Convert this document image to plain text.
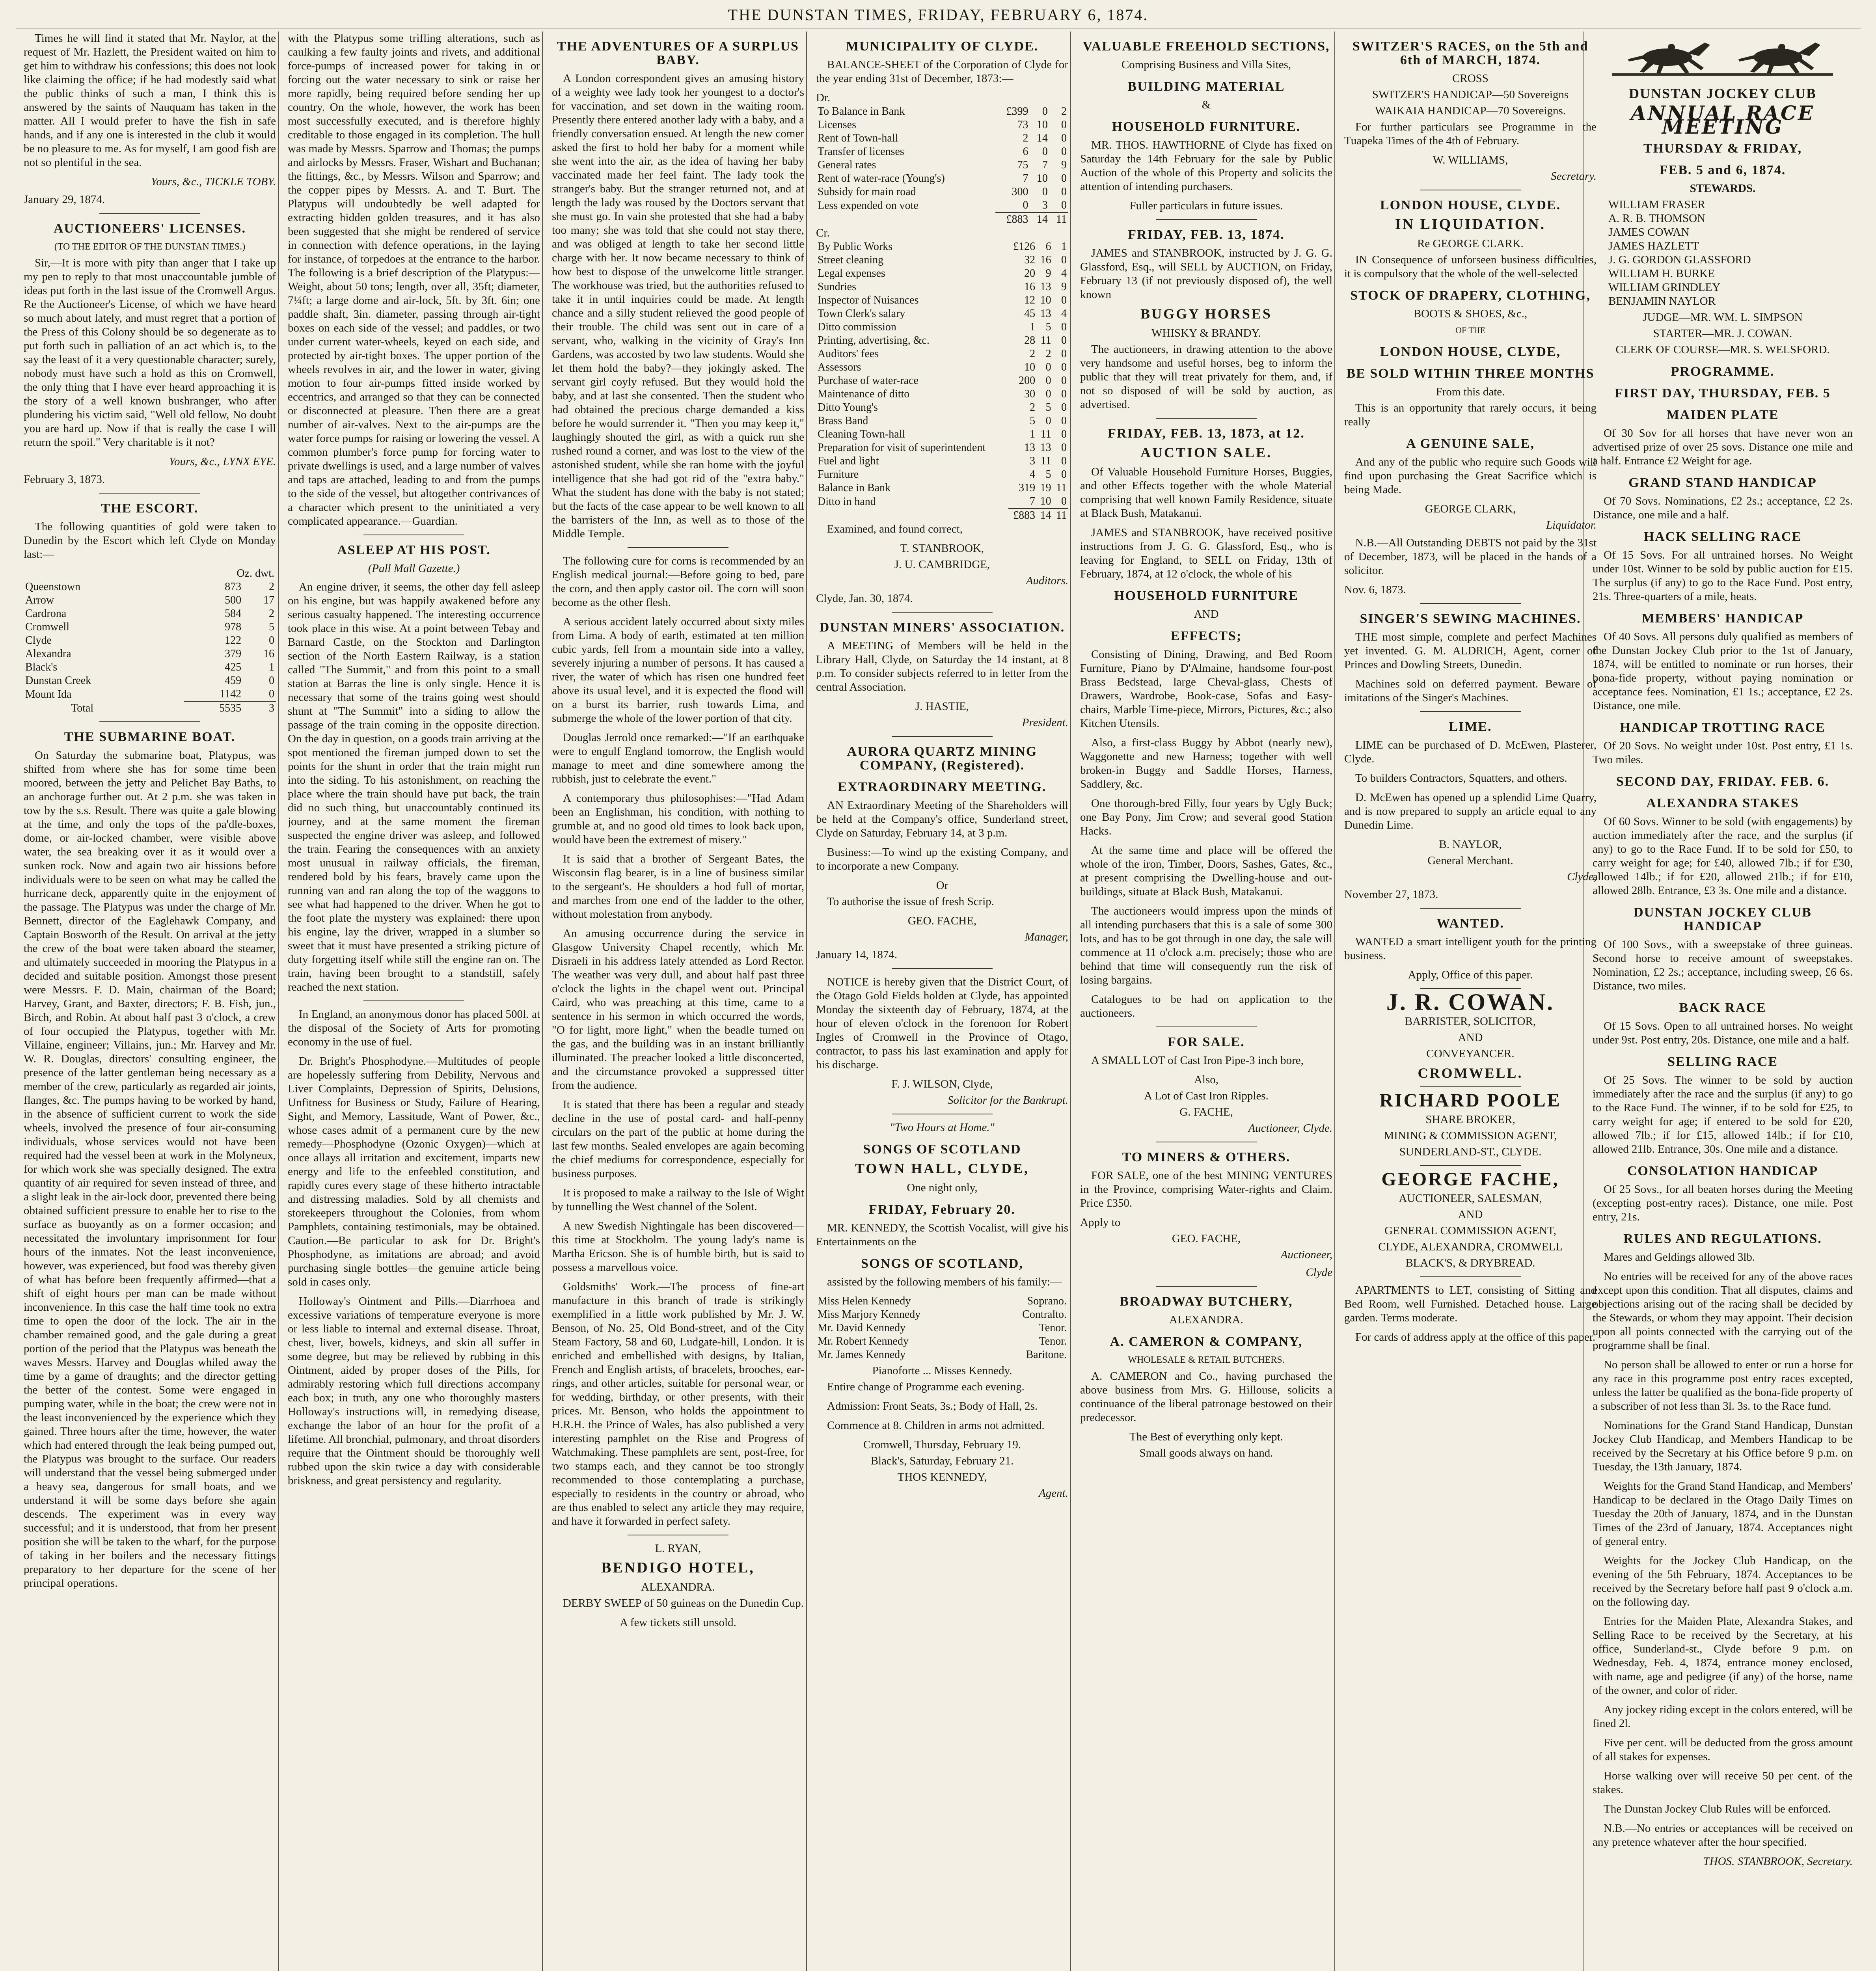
THE DUNSTAN TIMES, FRIDAY, FEBRUARY 6, 1874.

Times he will find it stated that Mr. Naylor, at the request of Mr. Hazlett, the President waited on him to get him to withdraw his confessions; this does not look like claiming the office; if he had modestly said what the public thinks of such a man, I think this is answered by the saints of Nauquam has taken in the matter. All I would prefer to have the fish in safe hands, and if any one is interested in the club it would be no pleasure to me. As for myself, I am good fish are not so plentiful in the sea.

Yours, &c., TICKLE TOBY.
January 29, 1874.
AUCTIONEERS' LICENSES.
(TO THE EDITOR OF THE DUNSTAN TIMES.)

Sir,—It is more with pity than anger that I take up my pen to reply to that most unaccountable jumble of ideas put forth in the last issue of the Cromwell Argus. Re the Auctioneer's License, of which we have heard so much about lately, and must regret that a portion of the Press of this Colony should be so degenerate as to put forth such in palliation of an act which is, to the say the least of it a very questionable character; surely, nobody must have such a hold as this on Cromwell, the only thing that I have ever heard approaching it is the story of a well known bushranger, who after plundering his victim said, "Well old fellow, No doubt you are hard up. Now if that is really the case I will return the spoil." Very charitable is it not?

Yours, &c., LYNX EYE.
February 3, 1873.
THE ESCORT.

The following quantities of gold were taken to Dunedin by the Escort which left Clyde on Monday last:—

	Oz. dwt.	
Queenstown	873	2
Arrow	500	17
Cardrona	584	2
Cromwell	978	5
Clyde	122	0
Alexandra	379	16
Black's	425	1
Dunstan Creek	459	0
Mount Ida	1142	0
Total	5535	3
THE SUBMARINE BOAT.

On Saturday the submarine boat, Platypus, was shifted from where she has for some time been moored, between the jetty and Pelichet Bay Baths, to an anchorage further out. At 2 p.m. she was taken in tow by the s.s. Result. There was quite a gale blowing at the time, and only the tops of the pa'dle-boxes, dome, or air-locked chamber, were visible above water, the sea breaking over it as it would over a sunken rock. Now and again two air hissions before individuals were to be seen on what may be called the hurricane deck, apparently quite in the enjoyment of the passage. The Platypus was under the charge of Mr. Bennett, director of the Eaglehawk Company, and Captain Bosworth of the Result. On arrival at the jetty the crew of the boat were taken aboard the steamer, and ultimately succeeded in mooring the Platypus in a decided and suitable position. Amongst those present were Messrs. F. D. Main, chairman of the Board; Harvey, Grant, and Baxter, directors; F. B. Fish, jun., Birch, and Robin. At about half past 3 o'clock, a crew of four occupied the Platypus, together with Mr. Villaine, engineer; Villains, jun.; Mr. Harvey and Mr. W. R. Douglas, directors' consulting engineer, the presence of the latter gentleman being necessary as a member of the crew, particularly as regarded air joints, flanges, &c. The pumps having to be worked by hand, in the absence of sufficient current to work the side wheels, involved the presence of four air-consuming individuals, whose services would not have been required had the vessel been at work in the Molyneux, for which work she was specially designed. The extra quantity of air required for seven instead of three, and a slight leak in the air-lock door, prevented there being obtained sufficient pressure to enable her to rise to the surface as buoyantly as on a former occasion; and necessitated the involuntary imprisonment for four hours of the inmates. Not the least inconvenience, however, was experienced, but food was thereby given of what has before been frequently affirmed—that a shift of eight hours per man can be made without inconvenience. In this case the half time took no extra time to open the door of the lock. The air in the chamber remained good, and the gale during a great portion of the period that the Platypus was beneath the waves Messrs. Harvey and Douglas whiled away the time by a game of draughts; and the director getting the better of the contest. Some were engaged in pumping water, while in the boat; the crew were not in the least inconvenienced by the experience which they gained. Three hours after the time, however, the water which had entered through the leak being pumped out, the Platypus was brought to the surface. Our readers will understand that the vessel being submerged under a heavy sea, dangerous for small boats, and we understand it will be some days before she again descends. The experiment was in every way successful; and it is understood, that from her present position she will be taken to the wharf, for the purpose of taking in her boilers and the necessary fittings preparatory to her departure for the scene of her principal operations.

with the Platypus some trifling alterations, such as caulking a few faulty joints and rivets, and additional force-pumps of increased power for taking in or forcing out the water necessary to sink or raise her more rapidly, being required before sending her up country. On the whole, however, the work has been most successfully executed, and is therefore highly creditable to those engaged in its completion. The hull was made by Messrs. Sparrow and Thomas; the pumps and airlocks by Messrs. Fraser, Wishart and Buchanan; the fittings, &c., by Messrs. Wilson and Sparrow; and the copper pipes by Messrs. A. and T. Burt. The Platypus will undoubtedly be well adapted for extracting hidden golden treasures, and it has also been suggested that she might be rendered of service in connection with defence operations, in the laying for instance, of torpedoes at the entrance to the harbor. The following is a brief description of the Platypus:—Weight, about 50 tons; length, over all, 35ft; diameter, 7¼ft; a large dome and air-lock, 5ft. by 3ft. 6in; one paddle shaft, 3in. diameter, passing through air-tight boxes on each side of the vessel; and paddles, or two under current water-wheels, keyed on each side, and protected by air-tight boxes. The upper portion of the wheels revolves in air, and the lower in water, giving motion to four air-pumps fitted inside worked by eccentrics, and arranged so that they can be connected or disconnected at pleasure. Then there are a great number of air-valves. Next to the air-pumps are the water force pumps for raising or lowering the vessel. A common plumber's force pump for forcing water to private dwellings is used, and a large number of valves and taps are attached, leading to and from the pumps to the side of the vessel, but altogether contrivances of a character which present to the uninitiated a very complicated appearance.—Guardian.

ASLEEP AT HIS POST.
(Pall Mall Gazette.)

An engine driver, it seems, the other day fell asleep on his engine, but was happily awakened before any serious casualty happened. The interesting occurrence took place in this wise. At a point between Tebay and Barnard Castle, on the Stockton and Darlington section of the North Eastern Railway, is a station called "The Summit," and from this point to a small station at Barras the line is only single. Hence it is necessary that some of the trains going west should shunt at "The Summit" into a siding to allow the passage of the train coming in the opposite direction. On the day in question, on a goods train arriving at the spot mentioned the fireman jumped down to set the points for the shunt in order that the train might run into the siding. To his astonishment, on reaching the place where the train should have put back, the train did no such thing, but unaccountably continued its journey, and at the same moment the fireman suspected the engine driver was asleep, and followed the train. Fearing the consequences with an anxiety most unusual in railway officials, the fireman, rendered bold by his fears, bravely came upon the running van and ran along the top of the waggons to see what had happened to the driver. When he got to the foot plate the mystery was explained: there upon his engine, lay the driver, wrapped in a slumber so sweet that it must have presented a striking picture of duty forgetting itself while still the engine ran on. The train, having been brought to a standstill, safely reached the next station.

In England, an anonymous donor has placed 500l. at the disposal of the Society of Arts for promoting economy in the use of fuel.

Dr. Bright's Phosphodyne.—Multitudes of people are hopelessly suffering from Debility, Nervous and Liver Complaints, Depression of Spirits, Delusions, Unfitness for Business or Study, Failure of Hearing, Sight, and Memory, Lassitude, Want of Power, &c., whose cases admit of a permanent cure by the new remedy—Phosphodyne (Ozonic Oxygen)—which at once allays all irritation and excitement, imparts new energy and life to the enfeebled constitution, and rapidly cures every stage of these hitherto intractable and distressing maladies. Sold by all chemists and storekeepers throughout the Colonies, from whom Pamphlets, containing testimonials, may be obtained. Caution.—Be particular to ask for Dr. Bright's Phosphodyne, as imitations are abroad; and avoid purchasing single bottles—the genuine article being sold in cases only.

Holloway's Ointment and Pills.—Diarrhoea and excessive variations of temperature everyone is more or less liable to internal and external disease. Throat, chest, liver, bowels, kidneys, and skin all suffer in some degree, but may be relieved by rubbing in this Ointment, aided by proper doses of the Pills, for admirably restoring which full directions accompany each box; in truth, any one who thoroughly masters Holloway's instructions will, in remedying disease, exchange the labor of an hour for the profit of a lifetime. All bronchial, pulmonary, and throat disorders require that the Ointment should be thoroughly well rubbed upon the skin twice a day with considerable briskness, and great persistency and regularity.

THE ADVENTURES OF A SURPLUS BABY.

A London correspondent gives an amusing history of a weighty wee lady took her youngest to a doctor's for vaccination, and set down in the waiting room. Presently there entered another lady with a baby, and a friendly conversation ensued. At length the new comer asked the first to hold her baby for a moment while she went into the air, as the idea of having her baby vaccinated made her feel faint. The lady took the stranger's baby. But the stranger returned not, and at length the lady was roused by the Doctors servant that she must go. In vain she protested that she had a baby too many; she was told that she could not stay there, and was obliged at length to take her second little charge with her. It now became necessary to think of how best to dispose of the unwelcome little stranger. The workhouse was tried, but the authorities refused to take it in until inquiries could be made. At length chance and a silly student relieved the good people of their trouble. The child was sent out in care of a servant, who, walking in the vicinity of Gray's Inn Gardens, was accosted by two law students. Would she let them hold the baby?—they jokingly asked. The servant girl coyly refused. But they would hold the baby, and at last she consented. Then the student who had obtained the precious charge demanded a kiss before he would surrender it. "Then you may keep it," laughingly shouted the girl, as with a quick run she rushed round a corner, and was lost to the view of the astonished student, while she ran home with the joyful intelligence that she had got rid of the "extra baby." What the student has done with the baby is not stated; but the facts of the case appear to be well known to all the barristers of the Inn, as well as to those of the Middle Temple.

The following cure for corns is recommended by an English medical journal:—Before going to bed, pare the corn, and then apply castor oil. The corn will soon become as the other flesh.

A serious accident lately occurred about sixty miles from Lima. A body of earth, estimated at ten million cubic yards, fell from a mountain side into a valley, severely injuring a number of persons. It has caused a river, the water of which has risen one hundred feet above its usual level, and it is expected the flood will on a burst its barrier, rush towards Lima, and submerge the whole of the lower portion of that city.

Douglas Jerrold once remarked:—"If an earthquake were to engulf England tomorrow, the English would manage to meet and dine somewhere among the rubbish, just to celebrate the event."

A contemporary thus philosophises:—"Had Adam been an Englishman, his condition, with nothing to grumble at, and no good old times to look back upon, would have been the extremest of misery."

It is said that a brother of Sergeant Bates, the Wisconsin flag bearer, is in a line of business similar to the sergeant's. He shoulders a hod full of mortar, and marches from one end of the ladder to the other, without molestation from anybody.

An amusing occurrence during the service in Glasgow University Chapel recently, which Mr. Disraeli in his address lately attended as Lord Rector. The weather was very dull, and about half past three o'clock the lights in the chapel went out. Principal Caird, who was preaching at this time, came to a sentence in his sermon in which occurred the words, "O for light, more light," when the beadle turned on the gas, and the building was in an instant brilliantly illuminated. The preacher looked a little disconcerted, and the circumstance provoked a suppressed titter from the audience.

It is stated that there has been a regular and steady decline in the use of postal card- and half-penny circulars on the part of the public at home during the last few months. Sealed envelopes are again becoming the chief mediums for correspondence, especially for business purposes.

It is proposed to make a railway to the Isle of Wight by tunnelling the West channel of the Solent.

A new Swedish Nightingale has been discovered—this time at Stockholm. The young lady's name is Martha Ericson. She is of humble birth, but is said to possess a marvellous voice.

Goldsmiths' Work.—The process of fine-art manufacture in this branch of trade is strikingly exemplified in a little work published by Mr. J. W. Benson, of No. 25, Old Bond-street, and of the City Steam Factory, 58 and 60, Ludgate-hill, London. It is enriched and embellished with designs, by Italian, French and English artists, of bracelets, brooches, ear-rings, and other articles, suitable for personal wear, or for wedding, birthday, or other presents, with their prices. Mr. Benson, who holds the appointment to H.R.H. the Prince of Wales, has also published a very interesting pamphlet on the Rise and Progress of Watchmaking. These pamphlets are sent, post-free, for two stamps each, and they cannot be too strongly recommended to those contemplating a purchase, especially to residents in the country or abroad, who are thus enabled to select any article they may require, and have it forwarded in perfect safety.

L. RYAN,
BENDIGO HOTEL,
ALEXANDRA.

DERBY SWEEP of 50 guineas on the Dunedin Cup.

A few tickets still unsold.
MUNICIPALITY OF CLYDE.

BALANCE-SHEET of the Corporation of Clyde for the year ending 31st of December, 1873:—

Dr.
To Balance in Bank	£399	0	2
Licenses	73	10	0
Rent of Town-hall	2	14	0
Transfer of licenses	6	0	0
General rates	75	7	9
Rent of water-race (Young's)	7	10	0
Subsidy for main road	300	0	0
Less expended on vote	0	3	0
	£883	14	11
Cr.
By Public Works	£126	6	1
Street cleaning	32	16	0
Legal expenses	20	9	4
Sundries	16	13	9
Inspector of Nuisances	12	10	0
Town Clerk's salary	45	13	4
Ditto commission	1	5	0
Printing, advertising, &c.	28	11	0
Auditors' fees	2	2	0
Assessors	10	0	0
Purchase of water-race	200	0	0
Maintenance of ditto	30	0	0
Ditto Young's	2	5	0
Brass Band	5	0	0
Cleaning Town-hall	1	11	0
Preparation for visit of superintendent	13	13	0
Fuel and light	3	11	0
Furniture	4	5	0
Balance in Bank	319	19	11
Ditto in hand	7	10	0
	£883	14	11

Examined, and found correct,

T. STANBROOK,
J. U. CAMBRIDGE,
Auditors.
Clyde, Jan. 30, 1874.
DUNSTAN MINERS' ASSOCIATION.

A MEETING of Members will be held in the Library Hall, Clyde, on Saturday the 14 instant, at 8 p.m. To consider subjects referred to in letter from the central Association.

J. HASTIE,
President.
AURORA QUARTZ MINING COMPANY, (Registered).
EXTRAORDINARY MEETING.

AN Extraordinary Meeting of the Shareholders will be held at the Company's office, Sunderland street, Clyde on Saturday, February 14, at 3 p.m.

Business:—To wind up the existing Company, and to incorporate a new Company.

Or

To authorise the issue of fresh Scrip.

GEO. FACHE,
Manager,
January 14, 1874.

NOTICE is hereby given that the District Court, of the Otago Gold Fields holden at Clyde, has appointed Monday the sixteenth day of February, 1874, at the hour of eleven o'clock in the forenoon for Robert Ingles of Cromwell in the Province of Otago, contractor, to pass his last examination and apply for his discharge.

F. J. WILSON, Clyde,
Solicitor for the Bankrupt.
"Two Hours at Home."
SONGS OF SCOTLAND
TOWN HALL, CLYDE,
One night only,
FRIDAY, February 20.

MR. KENNEDY, the Scottish Vocalist, will give his Entertainments on the

SONGS OF SCOTLAND,

assisted by the following members of his family:—

Miss Helen Kennedy	Soprano.
Miss Marjory Kennedy	Contralto.
Mr. David Kennedy	Tenor.
Mr. Robert Kennedy	Tenor.
Mr. James Kennedy	Baritone.
Pianoforte ... Misses Kennedy.

Entire change of Programme each evening.

Admission: Front Seats, 3s.; Body of Hall, 2s.

Commence at 8. Children in arms not admitted.

Cromwell, Thursday, February 19.
Black's, Saturday, February 21.
THOS KENNEDY,
Agent.
VALUABLE FREEHOLD SECTIONS,
Comprising Business and Villa Sites,
BUILDING MATERIAL
&
HOUSEHOLD FURNITURE.

MR. THOS. HAWTHORNE of Clyde has fixed on Saturday the 14th February for the sale by Public Auction of the whole of this Property and solicits the attention of intending purchasers.

Fuller particulars in future issues.
FRIDAY, FEB. 13, 1874.

JAMES and STANBROOK, instructed by J. G. G. Glassford, Esq., will SELL by AUCTION, on Friday, February 13 (if not previously disposed of), the well known

BUGGY HORSES
WHISKY & BRANDY.

The auctioneers, in drawing attention to the above very handsome and useful horses, beg to inform the public that they will treat privately for them, and, if not so disposed of will be sold by auction, as advertised.

FRIDAY, FEB. 13, 1873, at 12.
AUCTION SALE.

Of Valuable Household Furniture Horses, Buggies, and other Effects together with the whole Material comprising that well known Family Residence, situate at Black Bush, Matakanui.

JAMES and STANBROOK, have received positive instructions from J. G. G. Glassford, Esq., who is leaving for England, to SELL on Friday, 13th of February, 1874, at 12 o'clock, the whole of his

HOUSEHOLD FURNITURE
AND
EFFECTS;

Consisting of Dining, Drawing, and Bed Room Furniture, Piano by D'Almaine, handsome four-post Brass Bedstead, large Cheval-glass, Chests of Drawers, Wardrobe, Book-case, Sofas and Easy-chairs, Marble Time-piece, Mirrors, Pictures, &c.; also Kitchen Utensils.

Also, a first-class Buggy by Abbot (nearly new), Waggonette and new Harness; together with well broken-in Buggy and Saddle Horses, Harness, Saddlery, &c.

One thorough-bred Filly, four years by Ugly Buck; one Bay Pony, Jim Crow; and several good Station Hacks.

At the same time and place will be offered the whole of the iron, Timber, Doors, Sashes, Gates, &c., at present comprising the Dwelling-house and out-buildings, situate at Black Bush, Matakanui.

The auctioneers would impress upon the minds of all intending purchasers that this is a sale of some 300 lots, and has to be got through in one day, the sale will commence at 11 o'clock a.m. precisely; those who are behind that time will consequently run the risk of losing bargains.

Catalogues to be had on application to the auctioneers.

FOR SALE.

A SMALL LOT of Cast Iron Pipe-3 inch bore,

Also,
A Lot of Cast Iron Ripples.
G. FACHE,
Auctioneer, Clyde.
TO MINERS & OTHERS.

FOR SALE, one of the best MINING VENTURES in the Province, comprising Water-rights and Claim. Price £350.

Apply to
GEO. FACHE,
Auctioneer,
Clyde
BROADWAY BUTCHERY,
ALEXANDRA.
A. CAMERON & COMPANY,
WHOLESALE & RETAIL BUTCHERS.

A. CAMERON and Co., having purchased the above business from Mrs. G. Hillouse, solicits a continuance of the liberal patronage bestowed on their predecessor.

The Best of everything only kept.
Small goods always on hand.
SWITZER'S RACES, on the 5th and 6th of MARCH, 1874.
CROSS
SWITZER'S HANDICAP—50 Sovereigns
WAIKAIA HANDICAP—70 Sovereigns.

For further particulars see Programme in the Tuapeka Times of the 4th of February.

W. WILLIAMS,
Secretary.
LONDON HOUSE, CLYDE.
IN LIQUIDATION.
Re GEORGE CLARK.

IN Consequence of unforseen business difficulties, it is compulsory that the whole of the well-selected

STOCK OF DRAPERY, CLOTHING,
BOOTS & SHOES, &c.,
OF THE
LONDON HOUSE, CLYDE,
BE SOLD WITHIN THREE MONTHS
From this date.

This is an opportunity that rarely occurs, it being really

A GENUINE SALE,

And any of the public who require such Goods will find upon purchasing the Great Sacrifice which is being Made.

GEORGE CLARK,
Liquidator.

N.B.—All Outstanding DEBTS not paid by the 31st of December, 1873, will be placed in the hands of a solicitor.

Nov. 6, 1873.
SINGER'S SEWING MACHINES.

THE most simple, complete and perfect Machines yet invented. G. M. ALDRICH, Agent, corner of Princes and Dowling Streets, Dunedin.

Machines sold on deferred payment. Beware of imitations of the Singer's Machines.

LIME.

LIME can be purchased of D. McEwen, Plasterer, Clyde.

To builders Contractors, Squatters, and others.

D. McEwen has opened up a splendid Lime Quarry, and is now prepared to supply an article equal to any Dunedin Lime.

B. NAYLOR,
General Merchant.
Clyde,
November 27, 1873.
WANTED.

WANTED a smart intelligent youth for the printing business.

Apply, Office of this paper.
J. R. COWAN.
BARRISTER, SOLICITOR,
AND
CONVEYANCER.
CROMWELL.
RICHARD POOLE
SHARE BROKER,
MINING & COMMISSION AGENT,
SUNDERLAND-ST., CLYDE.
GEORGE FACHE,
AUCTIONEER, SALESMAN,
AND
GENERAL COMMISSION AGENT,
CLYDE, ALEXANDRA, CROMWELL
BLACK'S, & DRYBREAD.

APARTMENTS to LET, consisting of Sitting and Bed Room, well Furnished. Detached house. Large garden. Terms moderate.

For cards of address apply at the office of this paper.

DUNSTAN JOCKEY CLUB
ANNUAL RACE MEETING
THURSDAY & FRIDAY,
FEB. 5 and 6, 1874.
STEWARDS.
WILLIAM FRASER
A. R. B. THOMSON
JAMES COWAN
JAMES HAZLETT
J. G. GORDON GLASSFORD
WILLIAM H. BURKE
WILLIAM GRINDLEY
BENJAMIN NAYLOR
JUDGE—MR. WM. L. SIMPSON
STARTER—MR. J. COWAN.
CLERK OF COURSE—MR. S. WELSFORD.
PROGRAMME.
FIRST DAY, THURSDAY, FEB. 5
MAIDEN PLATE

Of 30 Sov for all horses that have never won an advertised prize of over 25 sovs. Distance one mile and a half. Entrance £2 Weight for age.

GRAND STAND HANDICAP

Of 70 Sovs. Nominations, £2 2s.; acceptance, £2 2s. Distance, one mile and a half.

HACK SELLING RACE

Of 15 Sovs. For all untrained horses. No Weight under 10st. Winner to be sold by public auction for £15. The surplus (if any) to go to the Race Fund. Post entry, 21s. Three-quarters of a mile, heats.

MEMBERS' HANDICAP

Of 40 Sovs. All persons duly qualified as members of the Dunstan Jockey Club prior to the 1st of January, 1874, will be entitled to nominate or run horses, their bona-fide property, without paying nomination or acceptance fees. Nomination, £1 1s.; acceptance, £2 2s. Distance, one mile.

HANDICAP TROTTING RACE

Of 20 Sovs. No weight under 10st. Post entry, £1 1s. Two miles.

SECOND DAY, FRIDAY. FEB. 6.
ALEXANDRA STAKES

Of 60 Sovs. Winner to be sold (with engagements) by auction immediately after the race, and the surplus (if any) to go to the Race Fund. If to be sold for £50, to carry weight for age; for £40, allowed 7lb.; if for £30, allowed 14lb.; if for £20, allowed 21lb.; if for £10, allowed 28lb. Entrance, £3 3s. One mile and a distance.

DUNSTAN JOCKEY CLUB HANDICAP

Of 100 Sovs., with a sweepstake of three guineas. Second horse to receive amount of sweepstakes. Nomination, £2 2s.; acceptance, including sweep, £6 6s. Distance, two miles.

BACK RACE

Of 15 Sovs. Open to all untrained horses. No weight under 9st. Post entry, 20s. Distance, one mile and a half.

SELLING RACE

Of 25 Sovs. The winner to be sold by auction immediately after the race and the surplus (if any) to go to the Race Fund. The winner, if to be sold for £25, to carry weight for age; if entered to be sold for £20, allowed 7lb.; if for £15, allowed 14lb.; if for £10, allowed 21lb. Entrance, 30s. One mile and a distance.

CONSOLATION HANDICAP

Of 25 Sovs., for all beaten horses during the Meeting (excepting post-entry races). Distance, one mile. Post entry, 21s.

RULES AND REGULATIONS.

Mares and Geldings allowed 3lb.

No entries will be received for any of the above races except upon this condition. That all disputes, claims and objections arising out of the racing shall be decided by the Stewards, or whom they may appoint. Their decision upon all points connected with the carrying out of the programme shall be final.

No person shall be allowed to enter or run a horse for any race in this programme post entry races excepted, unless the latter be qualified as the bona-fide property of a subscriber of not less than 3l. 3s. to the Race fund.

Nominations for the Grand Stand Handicap, Dunstan Jockey Club Handicap, and Members Handicap to be received by the Secretary at his Office before 9 p.m. on Tuesday, the 13th January, 1874.

Weights for the Grand Stand Handicap, and Members' Handicap to be declared in the Otago Daily Times on Tuesday the 20th of January, 1874, and in the Dunstan Times of the 23rd of January, 1874. Acceptances night of general entry.

Weights for the Jockey Club Handicap, on the evening of the 5th February, 1874. Acceptances to be received by the Secretary before half past 9 o'clock a.m. on the following day.

Entries for the Maiden Plate, Alexandra Stakes, and Selling Race to be received by the Secretary, at his office, Sunderland-st., Clyde before 9 p.m. on Wednesday, Feb. 4, 1874, entrance money enclosed, with name, age and pedigree (if any) of the horse, name of the owner, and color of rider.

Any jockey riding except in the colors entered, will be fined 2l.

Five per cent. will be deducted from the gross amount of all stakes for expenses.

Horse walking over will receive 50 per cent. of the stakes.

The Dunstan Jockey Club Rules will be enforced.

N.B.—No entries or acceptances will be received on any pretence whatever after the hour specified.

THOS. STANBROOK, Secretary.
